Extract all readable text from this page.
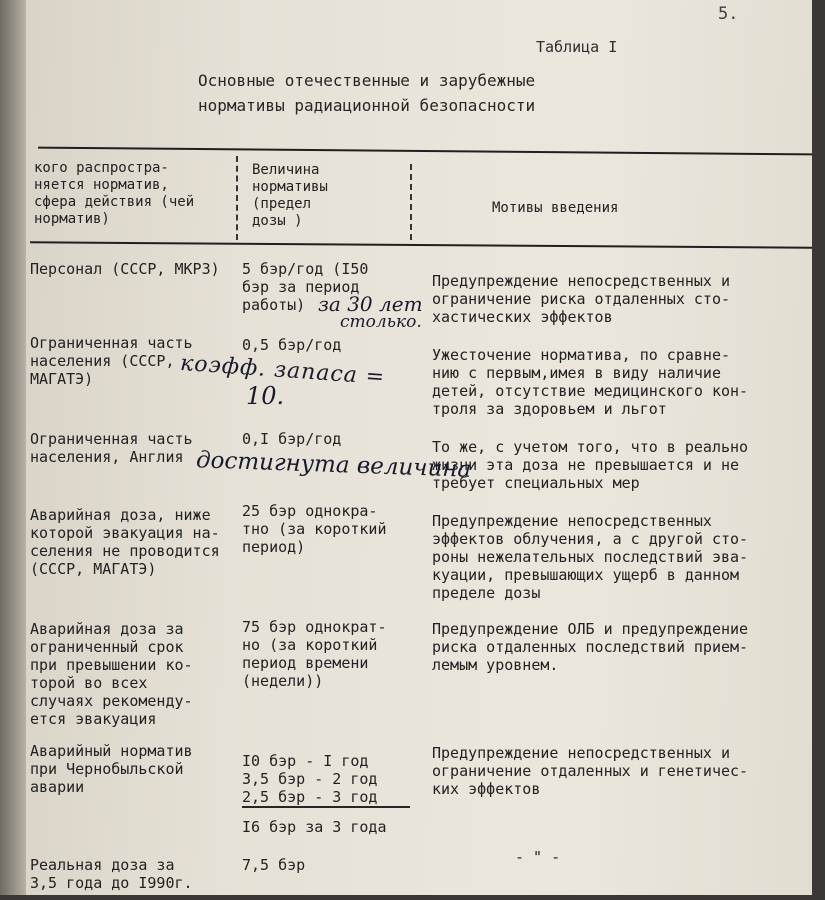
5.
Таблица I
Основные отечественные и зарубежные
нормативы радиационной безопасности
кого распростра-
няется норматив,
сфера действия (чей
норматив)
Величина
нормативы
(предел
дозы )
Мотивы введения
Персонал (СССР, МКРЗ) 5 бэр/год (I50
бэр за период
работы)
Предупреждение непосредственных и
ограничение риска отдаленных сто-
хастических эффектов
Ограниченная часть
населения (СССР,
МАГАТЭ)
0,5 бэр/год
Ужесточение норматива, по сравне-
нию с первым,имея в виду наличие
детей, отсутствие медицинского кон-
троля за здоровьем и льгот
Ограниченная часть
населения, Англия
0,I бэр/год	То же, с учетом того, что в реально
жизни эта доза не превышается и не
требует специальных мер
Аварийная доза, ниже
которой эвакуация на-
селения не проводится
(СССР, МАГАТЭ)
25 бэр однокра-
тно (за короткий
период)
Предупреждение непосредственных
эффектов облучения, а с другой сто-
роны нежелательных последствий эва-
куации, превышающих ущерб в данном
пределе дозы
Аварийная доза за
ограниченный срок
при превышении ко-
торой во всех
случаях рекоменду-
ется эвакуация
75 бэр однократ-
но (за короткий
период времени
(недели))
Предупреждение ОЛБ и предупреждение
риска отдаленных последствий прием-
лемым уровнем.
Аварийный норматив
при Чернобыльской
аварии
I0 бэр - I год
3,5 бэр - 2 год
2,5 бэр - 3 год
I6 бэр за 3 года
Предупреждение непосредственных и
ограничение отдаленных и генетичес-
ких эффектов
Реальная доза за
3,5 года до I990г.
7,5 бэр	- " -
за 30 лет
столько.
коэфф. запаса =
10.
достигнута величина
